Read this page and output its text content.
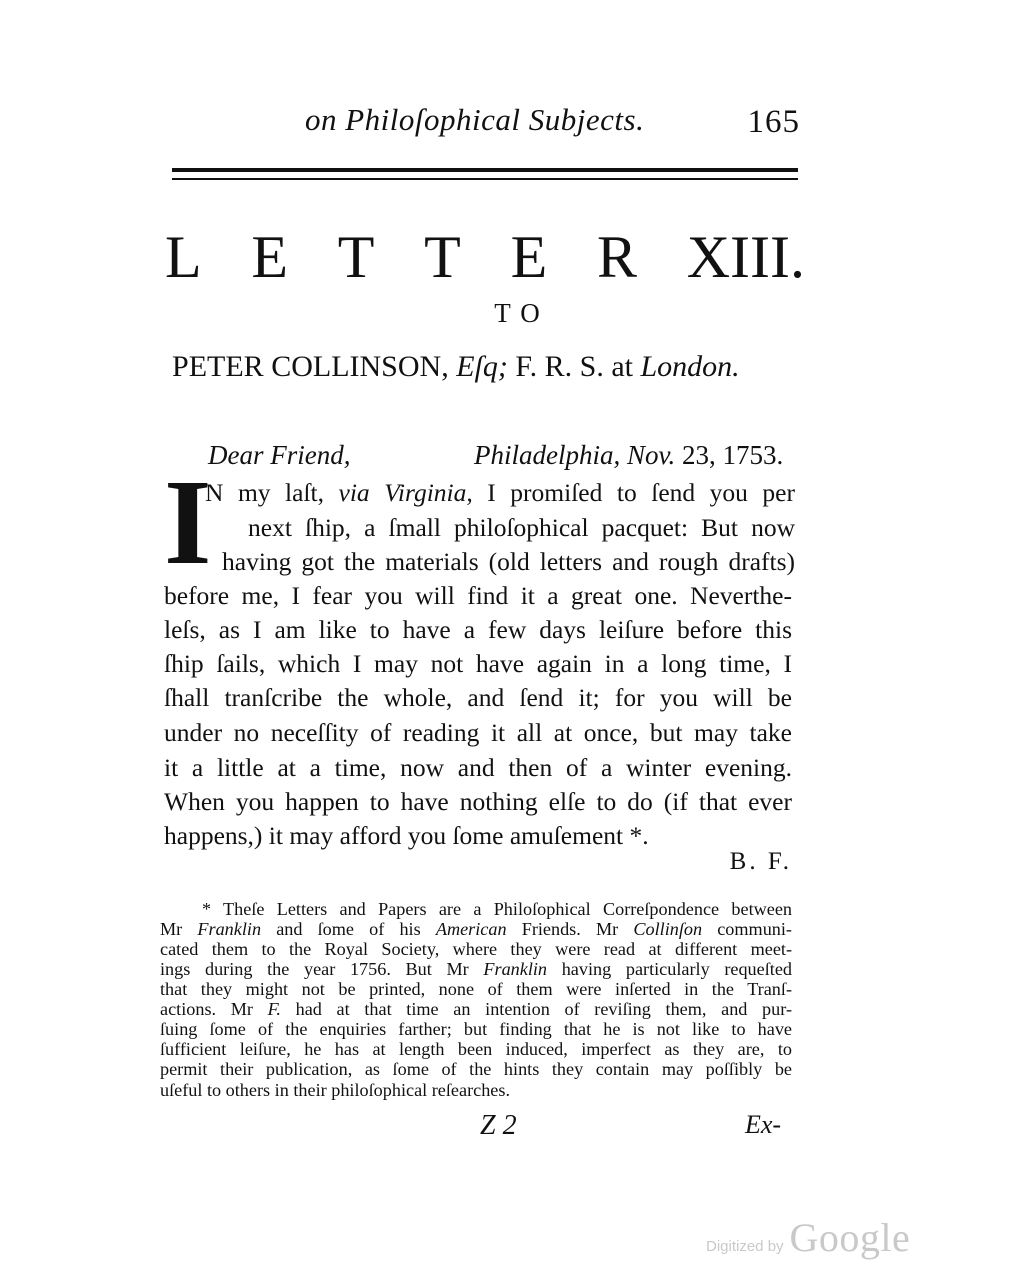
on Philoſophical Subjects.	165
L E T T E R XIII.
TO
PETER COLLINSON, Eſq; F. R. S. at London.
Dear Friend,	Philadelphia, Nov. 23, 1753.
I
N my laſt, via Virginia, I promiſed to ſend you per
next ſhip, a ſmall philoſophical pacquet: But now
having got the materials (old letters and rough drafts)
before me, I fear you will find it a great one. Neverthe-
leſs, as I am like to have a few days leiſure before this
ſhip ſails, which I may not have again in a long time, I
ſhall tranſcribe the whole, and ſend it; for you will be
under no neceſſity of reading it all at once, but may take
it a little at a time, now and then of a winter evening.
When you happen to have nothing elſe to do (if that ever
happens,) it may afford you ſome amuſement *.
B. F.
* Theſe Letters and Papers are a Philoſophical Correſpondence between
Mr Franklin and ſome of his American Friends. Mr Collinſon communi-
cated them to the Royal Society, where they were read at different meet-
ings during the year 1756. But Mr Franklin having particularly requeſted
that they might not be printed, none of them were inſerted in the Tranſ-
actions. Mr F. had at that time an intention of reviſing them, and pur-
ſuing ſome of the enquiries farther; but finding that he is not like to have
ſufficient leiſure, he has at length been induced, imperfect as they are, to
permit their publication, as ſome of the hints they contain may poſſibly be
uſeful to others in their philoſophical reſearches.
Z 2	Ex-
Digitized by Google
